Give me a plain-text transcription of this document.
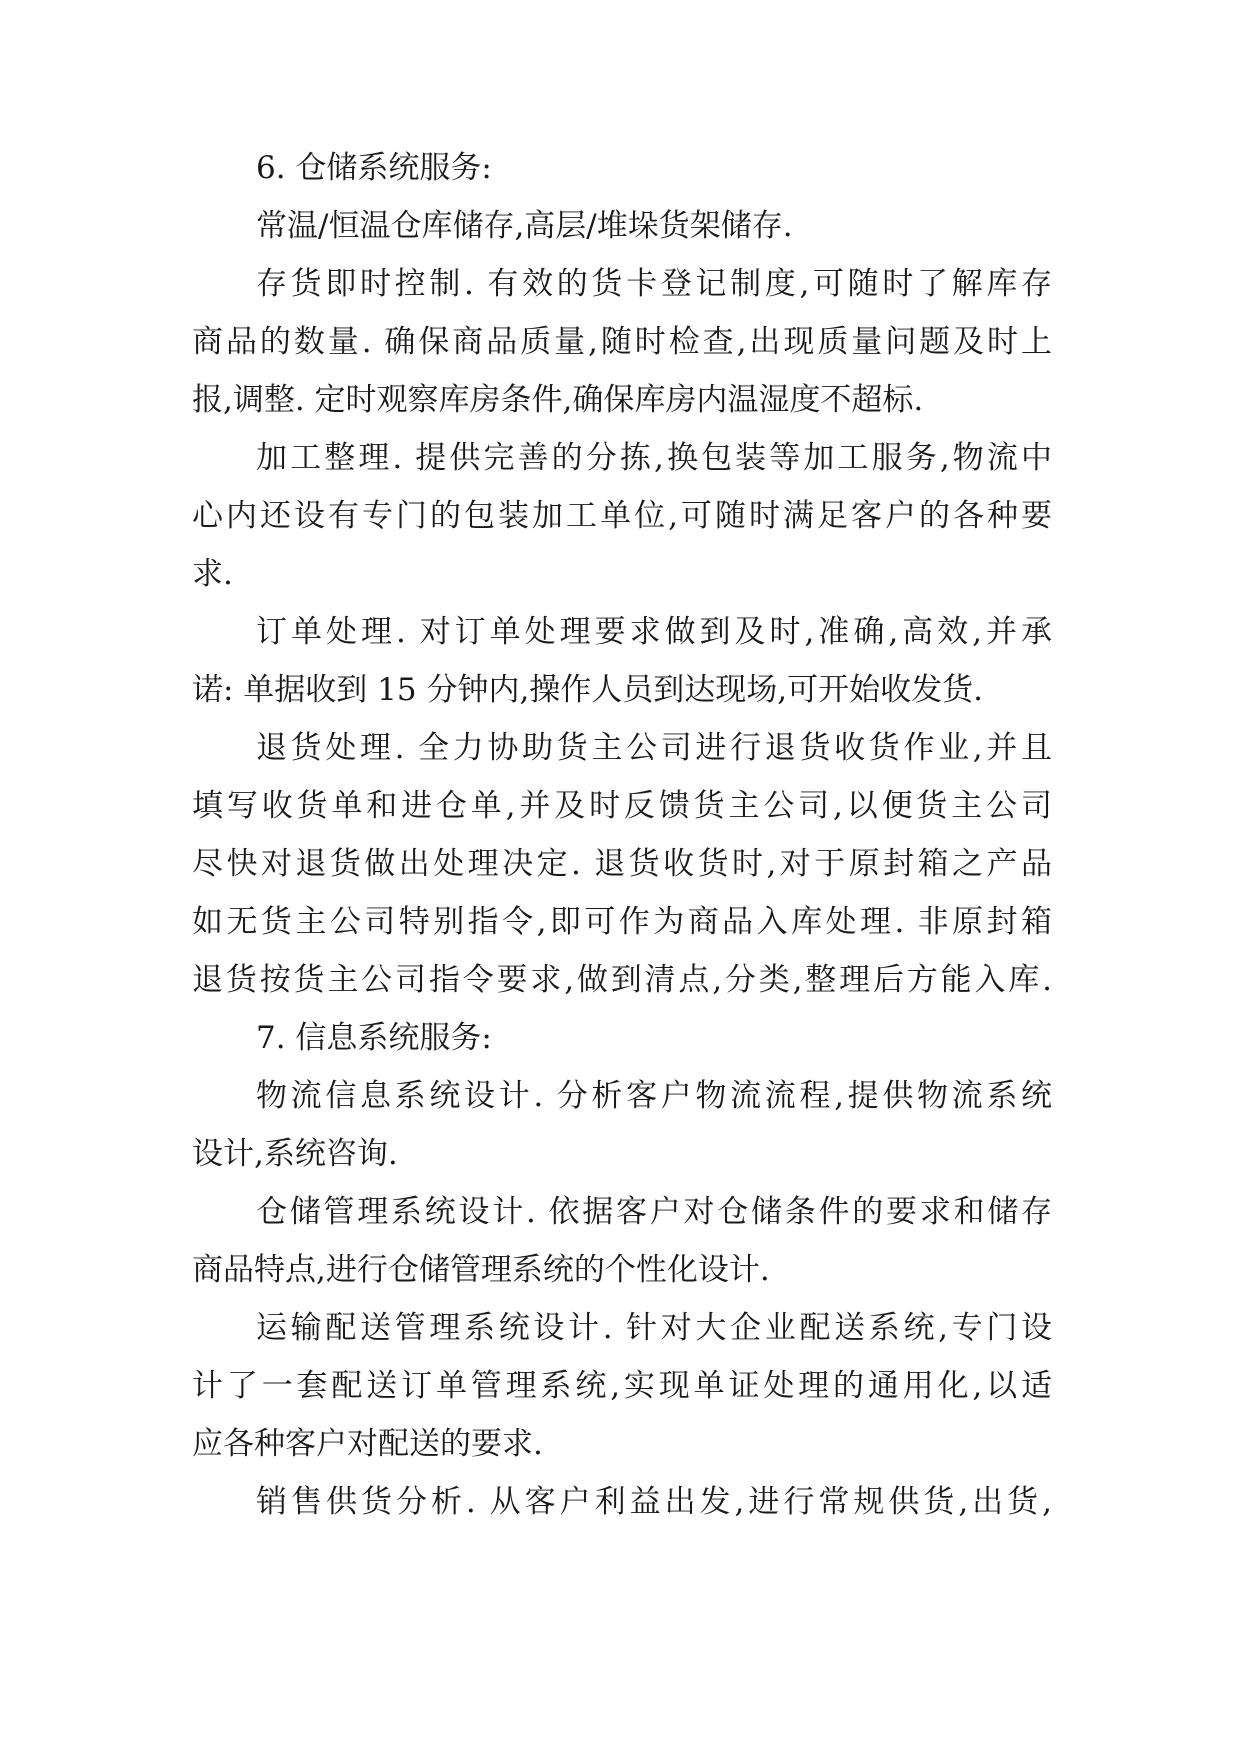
6. 仓储系统服务:
常温/恒温仓库储存,高层/堆垛货架储存.
存货即时控制. 有效的货卡登记制度,可随时了解库存
商品的数量. 确保商品质量,随时检查,出现质量问题及时上
报,调整. 定时观察库房条件,确保库房内温湿度不超标.
加工整理. 提供完善的分拣,换包装等加工服务,物流中
心内还设有专门的包装加工单位,可随时满足客户的各种要
求.
订单处理. 对订单处理要求做到及时,准确,高效,并承
诺: 单据收到 15 分钟内,操作人员到达现场,可开始收发货.
退货处理. 全力协助货主公司进行退货收货作业,并且
填写收货单和进仓单,并及时反馈货主公司,以便货主公司
尽快对退货做出处理决定. 退货收货时,对于原封箱之产品
如无货主公司特别指令,即可作为商品入库处理. 非原封箱
退货按货主公司指令要求,做到清点,分类,整理后方能入库.
7. 信息系统服务:
物流信息系统设计. 分析客户物流流程,提供物流系统
设计,系统咨询.
仓储管理系统设计. 依据客户对仓储条件的要求和储存
商品特点,进行仓储管理系统的个性化设计.
运输配送管理系统设计. 针对大企业配送系统,专门设
计了一套配送订单管理系统,实现单证处理的通用化,以适
应各种客户对配送的要求.
销售供货分析. 从客户利益出发,进行常规供货,出货,
